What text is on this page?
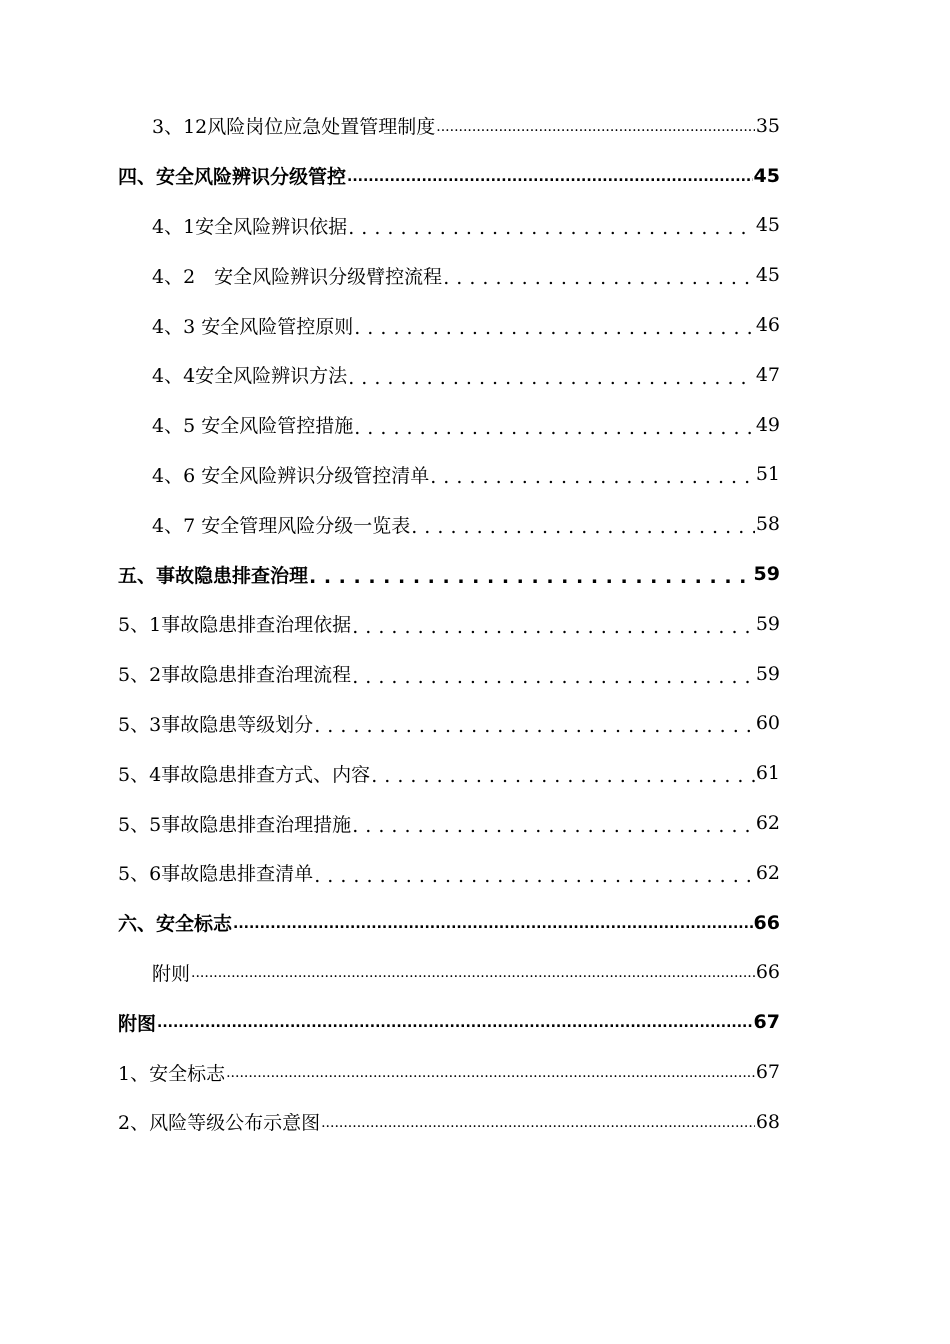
3、12风险岗位应急处置管理制度 .....	35
四、安全风险辨识分级管控 .....	45
4、1安全风险辨识依据 . . .	45
4、2　安全风险辨识分级臂控流程 . . .	45
4、3 安全风险管控原则 . . .	46
4、4安全风险辨识方法 . . .	47
4、5 安全风险管控措施 . . .	49
4、6 安全风险辨识分级管控清单 . . .	51
4、7 安全管理风险分级一览表 . . .	58
五、事故隐患排查治理 . . .	59
5、1事故隐患排查治理依据 . . .	59
5、2事故隐患排查治理流程 . . .	59
5、3事故隐患等级划分 . . .	60
5、4事故隐患排查方式、内容 . . .	61
5、5事故隐患排查治理措施 . . .	62
5、6事故隐患排查清单 . . .	62
六、安全标志 .....	66
附则 .....	66
附图 .....	67
1、安全标志 .....	67
2、风险等级公布示意图 .....	68
